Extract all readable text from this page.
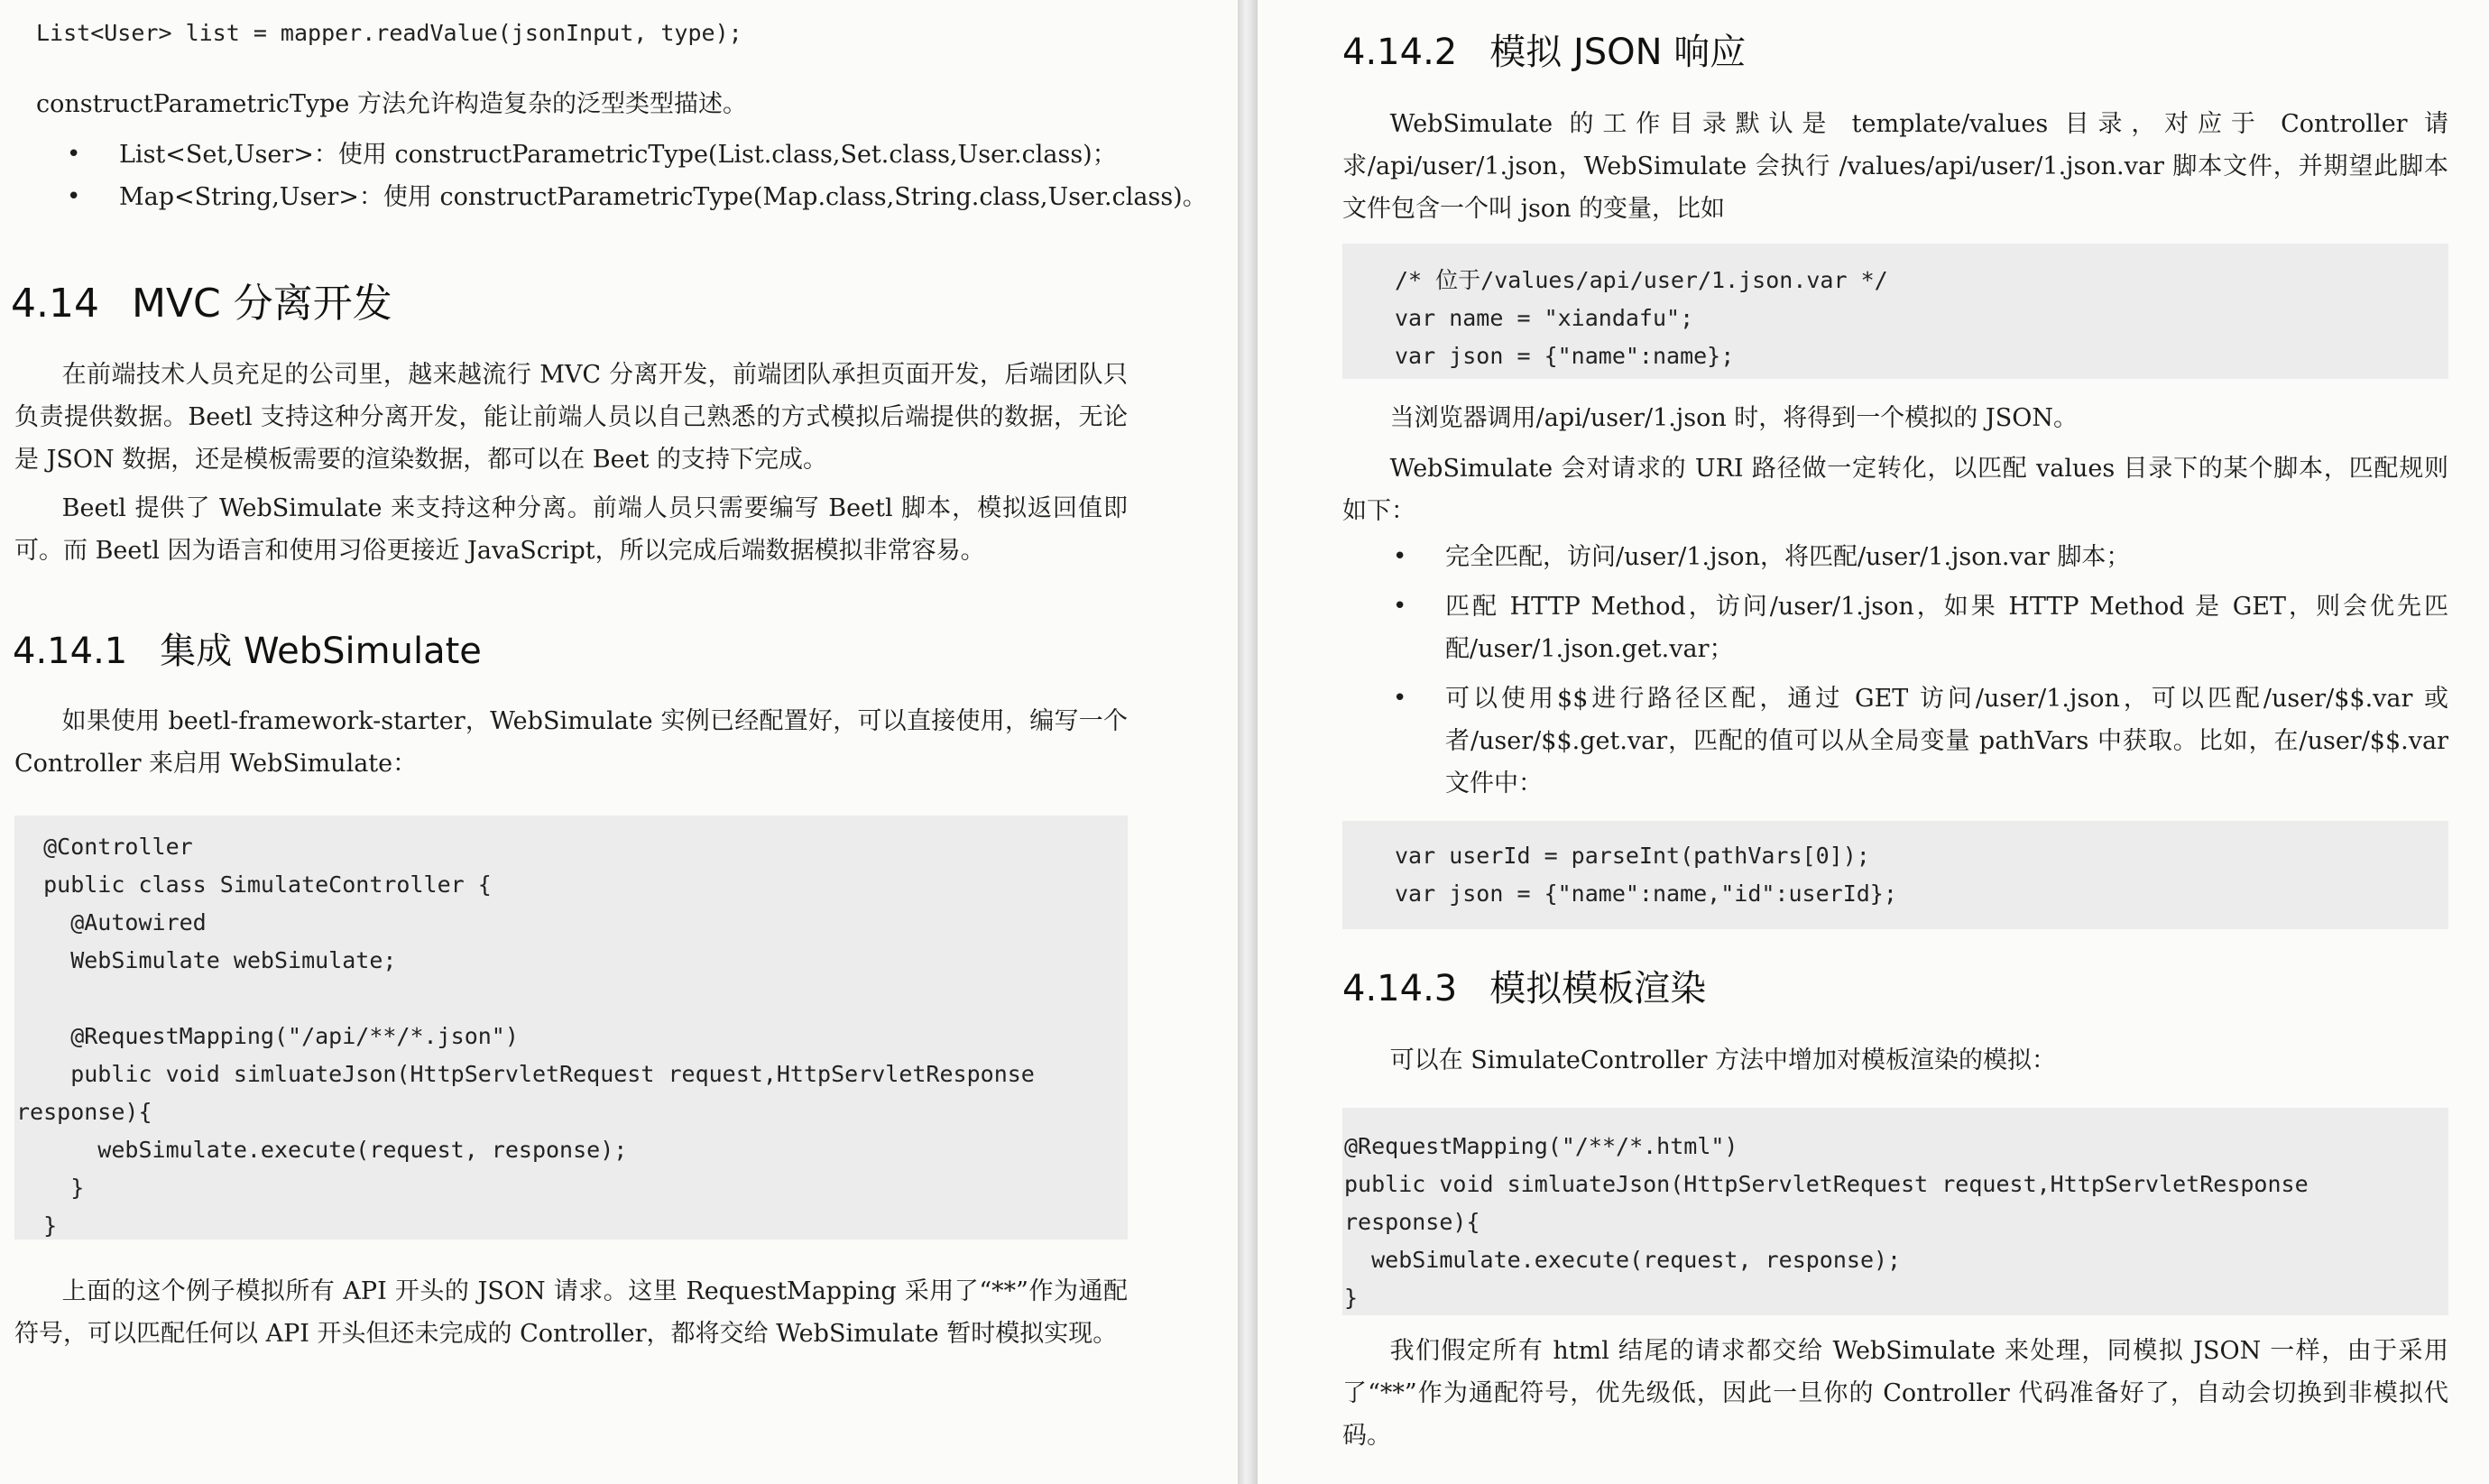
List<User> list = mapper.readValue(jsonInput, type);

constructParametricType 方法允许构造复杂的泛型类型描述。

• List<Set,User>：使用 constructParametricType(List.class,Set.class,User.class)；
• Map<String,User>：使用 constructParametricType(Map.class,String.class,User.class)。
4.14 MVC 分离开发

在前端技术人员充足的公司里，越来越流行 MVC 分离开发，前端团队承担页面开发，后端团队只负责提供数据。Beetl 支持这种分离开发，能让前端人员以自己熟悉的方式模拟后端提供的数据，无论是 JSON 数据，还是模板需要的渲染数据，都可以在 Beet 的支持下完成。

Beetl 提供了 WebSimulate 来支持这种分离。前端人员只需要编写 Beetl 脚本，模拟返回值即可。而 Beetl 因为语言和使用习俗更接近 JavaScript，所以完成后端数据模拟非常容易。

4.14.1 集成 WebSimulate

如果使用 beetl-framework-starter，WebSimulate 实例已经配置好，可以直接使用，编写一个 Controller 来启用 WebSimulate：

@Controller
public class SimulateController {
@Autowired
WebSimulate webSimulate;

@RequestMapping("/api/**/*.json")
public void simluateJson(HttpServletRequest request,HttpServletResponse
response){
webSimulate.execute(request, response);
}
}

上面的这个例子模拟所有 API 开头的 JSON 请求。这里 RequestMapping 采用了“**”作为通配符号，可以匹配任何以 API 开头但还未完成的 Controller，都将交给 WebSimulate 暂时模拟实现。

4.14.2 模拟 JSON 响应

WebSimulate 的工作目录默认是 template/values 目录，对应于 Controller 请求/api/user/1.json，WebSimulate 会执行 /values/api/user/1.json.var 脚本文件，并期望此脚本文件包含一个叫 json 的变量，比如

/* 位于/values/api/user/1.json.var */
var name = "xiandafu";
var json = {"name":name};

当浏览器调用/api/user/1.json 时，将得到一个模拟的 JSON。

WebSimulate 会对请求的 URI 路径做一定转化，以匹配 values 目录下的某个脚本，匹配规则如下：

• 完全匹配，访问/user/1.json，将匹配/user/1.json.var 脚本；
• 匹配 HTTP Method，访问/user/1.json，如果 HTTP Method 是 GET，则会优先匹配/user/1.json.get.var；
• 可以使用$$进行路径区配，通过 GET 访问/user/1.json，可以匹配/user/$$.var 或者/user/$$.get.var，匹配的值可以从全局变量 pathVars 中获取。比如，在/user/$$.var 文件中：
var userId = parseInt(pathVars[0]);
var json = {"name":name,"id":userId};
4.14.3 模拟模板渲染

可以在 SimulateController 方法中增加对模板渲染的模拟：

@RequestMapping("/**/*.html")
public void simluateJson(HttpServletRequest request,HttpServletResponse
response){
webSimulate.execute(request, response);
}

我们假定所有 html 结尾的请求都交给 WebSimulate 来处理，同模拟 JSON 一样，由于采用了“**”作为通配符号，优先级低，因此一旦你的 Controller 代码准备好了，自动会切换到非模拟代码。
